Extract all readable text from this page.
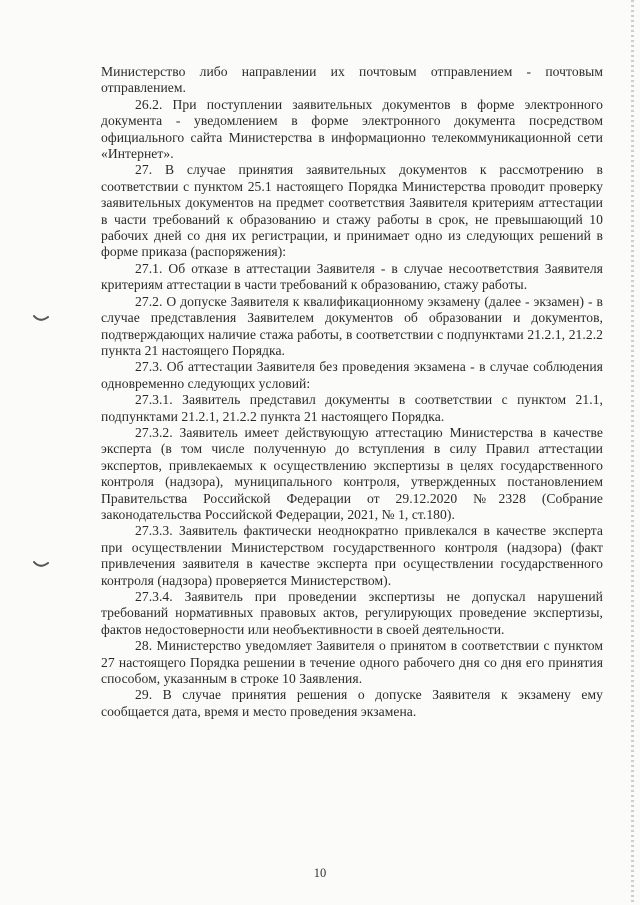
Министерство либо направлении их почтовым отправлением - почтовым отправлением.

26.2. При поступлении заявительных документов в форме электронного документа - уведомлением в форме электронного документа посредством официального сайта Министерства в информационно телекоммуникационной сети «Интернет».

27. В случае принятия заявительных документов к рассмотрению в соответствии с пунктом 25.1 настоящего Порядка Министерства проводит проверку заявительных документов на предмет соответствия Заявителя критериям аттестации в части требований к образованию и стажу работы в срок, не превышающий 10 рабочих дней со дня их регистрации, и принимает одно из следующих решений в форме приказа (распоряжения):

27.1. Об отказе в аттестации Заявителя - в случае несоответствия Заявителя критериям аттестации в части требований к образованию, стажу работы.

27.2. О допуске Заявителя к квалификационному экзамену (далее - экзамен) - в случае представления Заявителем документов об образовании и документов, подтверждающих наличие стажа работы, в соответствии с подпунктами 21.2.1, 21.2.2 пункта 21 настоящего Порядка.

27.3. Об аттестации Заявителя без проведения экзамена - в случае соблюдения одновременно следующих условий:

27.3.1. Заявитель представил документы в соответствии с пунктом 21.1, подпунктами 21.2.1, 21.2.2 пункта 21 настоящего Порядка.

27.3.2. Заявитель имеет действующую аттестацию Министерства в качестве эксперта (в том числе полученную до вступления в силу Правил аттестации экспертов, привлекаемых к осуществлению экспертизы в целях государственного контроля (надзора), муниципального контроля, утвержденных постановлением Правительства Российской Федерации от 29.12.2020 №2328 (Собрание законодательства Российской Федерации, 2021, № 1, ст.180).

27.3.3. Заявитель фактически неоднократно привлекался в качестве эксперта при осуществлении Министерством государственного контроля (надзора) (факт привлечения заявителя в качестве эксперта при осуществлении государственного контроля (надзора) проверяется Министерством).

27.3.4. Заявитель при проведении экспертизы не допускал нарушений требований нормативных правовых актов, регулирующих проведение экспертизы, фактов недостоверности или необъективности в своей деятельности.

28. Министерство уведомляет Заявителя о принятом в соответствии с пунктом 27 настоящего Порядка решении в течение одного рабочего дня со дня его принятия способом, указанным в строке 10 Заявления.

29. В случае принятия решения о допуске Заявителя к экзамену ему сообщается дата, время и место проведения экзамена.

10
